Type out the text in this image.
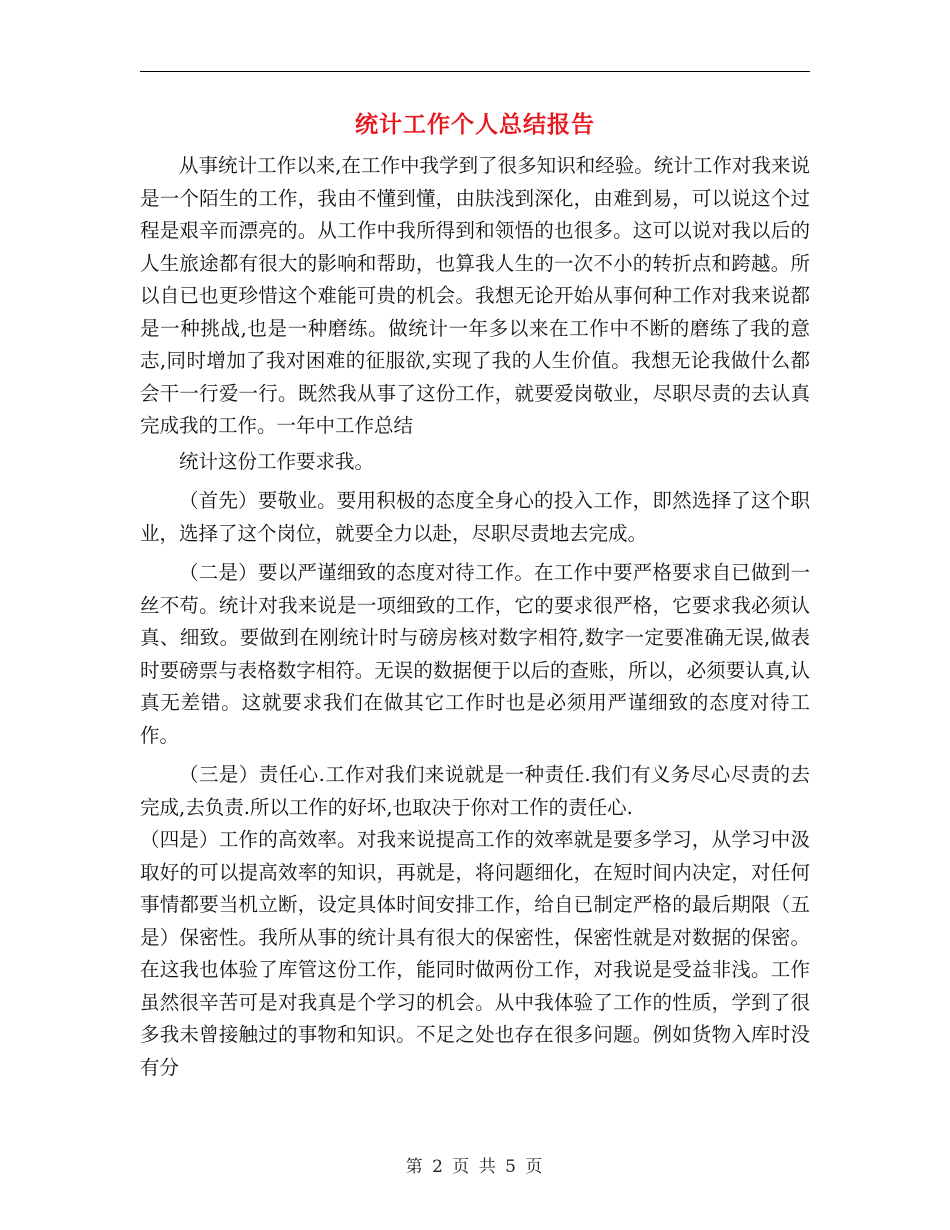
统计工作个人总结报告

从事统计工作以来,在工作中我学到了很多知识和经验。统计工作对我来说是一个陌生的工作，我由不懂到懂，由肤浅到深化，由难到易，可以说这个过程是艰辛而漂亮的。从工作中我所得到和领悟的也很多。这可以说对我以后的人生旅途都有很大的影响和帮助，也算我人生的一次不小的转折点和跨越。所以自已也更珍惜这个难能可贵的机会。我想无论开始从事何种工作对我来说都是一种挑战,也是一种磨练。做统计一年多以来在工作中不断的磨练了我的意志,同时增加了我对困难的征服欲,实现了我的人生价值。我想无论我做什么都会干一行爱一行。既然我从事了这份工作，就要爱岗敬业，尽职尽责的去认真完成我的工作。一年中工作总结

统计这份工作要求我。

（首先）要敬业。要用积极的态度全身心的投入工作，即然选择了这个职业，选择了这个岗位，就要全力以赴，尽职尽责地去完成。

（二是）要以严谨细致的态度对待工作。在工作中要严格要求自已做到一丝不苟。统计对我来说是一项细致的工作，它的要求很严格，它要求我必须认真、细致。要做到在刚统计时与磅房核对数字相符,数字一定要准确无误,做表时要磅票与表格数字相符。无误的数据便于以后的查账，所以，必须要认真,认真无差错。这就要求我们在做其它工作时也是必须用严谨细致的态度对待工作。

（三是）责任心.工作对我们来说就是一种责任.我们有义务尽心尽责的去完成,去负责.所以工作的好坏,也取决于你对工作的责任心.

（四是）工作的高效率。对我来说提高工作的效率就是要多学习，从学习中汲取好的可以提高效率的知识，再就是，将问题细化，在短时间内决定，对任何事情都要当机立断，设定具体时间安排工作，给自已制定严格的最后期限（五是）保密性。我所从事的统计具有很大的保密性，保密性就是对数据的保密。在这我也体验了库管这份工作，能同时做两份工作，对我说是受益非浅。工作虽然很辛苦可是对我真是个学习的机会。从中我体验了工作的性质，学到了很多我未曾接触过的事物和知识。不足之处也存在很多问题。例如货物入库时没有分

第 2 页 共 5 页
